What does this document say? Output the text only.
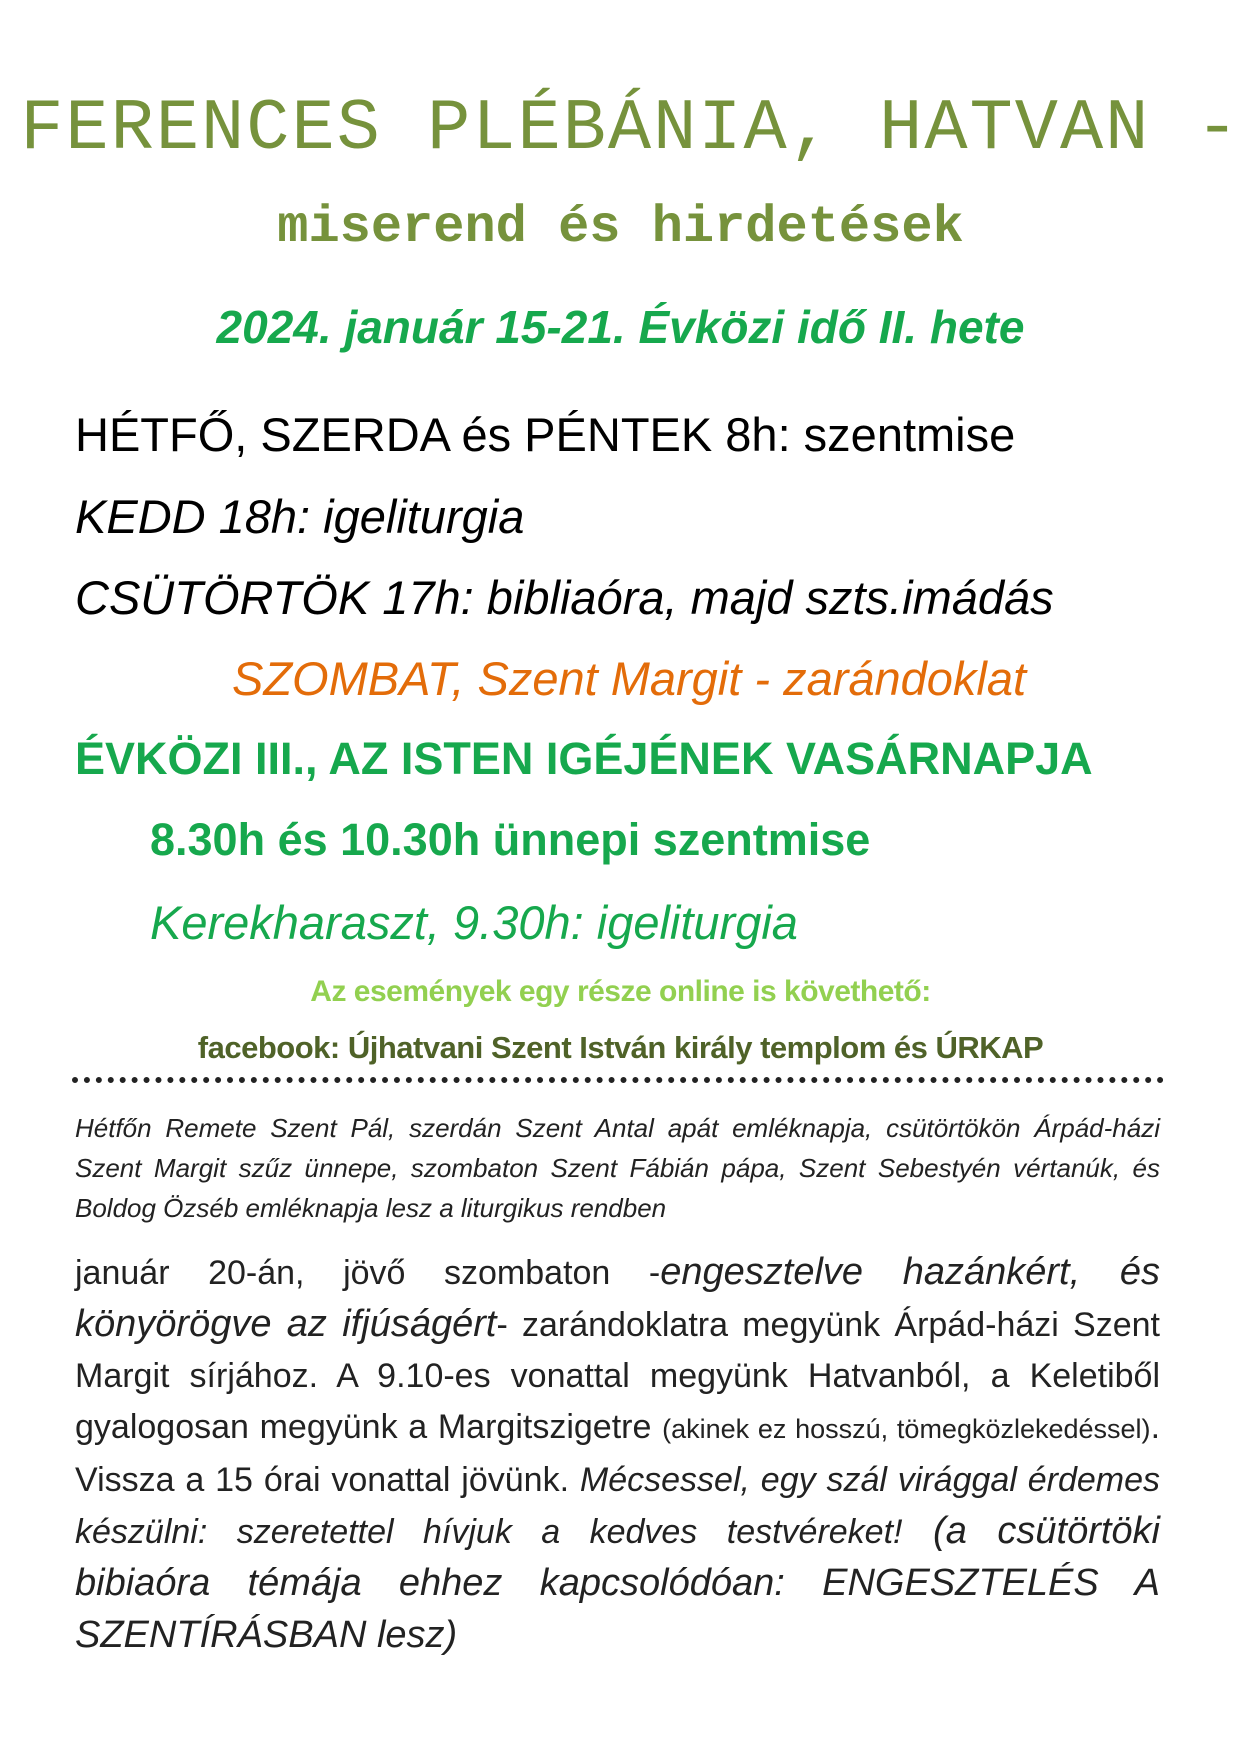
FERENCES PLÉBÁNIA, HATVAN -
miserend és hirdetések
2024. január 15-21. Évközi idő II. hete
HÉTFŐ, SZERDA és PÉNTEK 8h: szentmise
KEDD 18h: igeliturgia
CSÜTÖRTÖK 17h: bibliaóra, majd szts.imádás
SZOMBAT, Szent Margit - zarándoklat
ÉVKÖZI III., AZ ISTEN IGÉJÉNEK VASÁRNAPJA
8.30h és 10.30h ünnepi szentmise
Kerekharaszt, 9.30h: igeliturgia
Az események egy része online is követhető:
facebook: Újhatvani Szent István király templom és ÚRKAP
Hétfőn Remete Szent Pál, szerdán Szent Antal apát emléknapja, csütörtökön Árpád-házi Szent Margit szűz ünnepe, szombaton Szent Fábián pápa, Szent Sebestyén vértanúk, és Boldog Özséb emléknapja lesz a liturgikus rendben
január 20-án, jövő szombaton -engesztelve hazánkért, és könyörögve az ifjúságért- zarándoklatra megyünk Árpád-házi Szent Margit sírjához. A 9.10-es vonattal megyünk Hatvanból, a Keletiből gyalogosan megyünk a Margitszigetre (akinek ez hosszú, tömegközlekedéssel). Vissza a 15 órai vonattal jövünk. Mécsessel, egy szál virággal érdemes készülni: szeretettel hívjuk a kedves testvéreket! (a csütörtöki bibiaóra témája ehhez kapcsolódóan: ENGESZTELÉS A SZENTÍRÁSBAN lesz)
